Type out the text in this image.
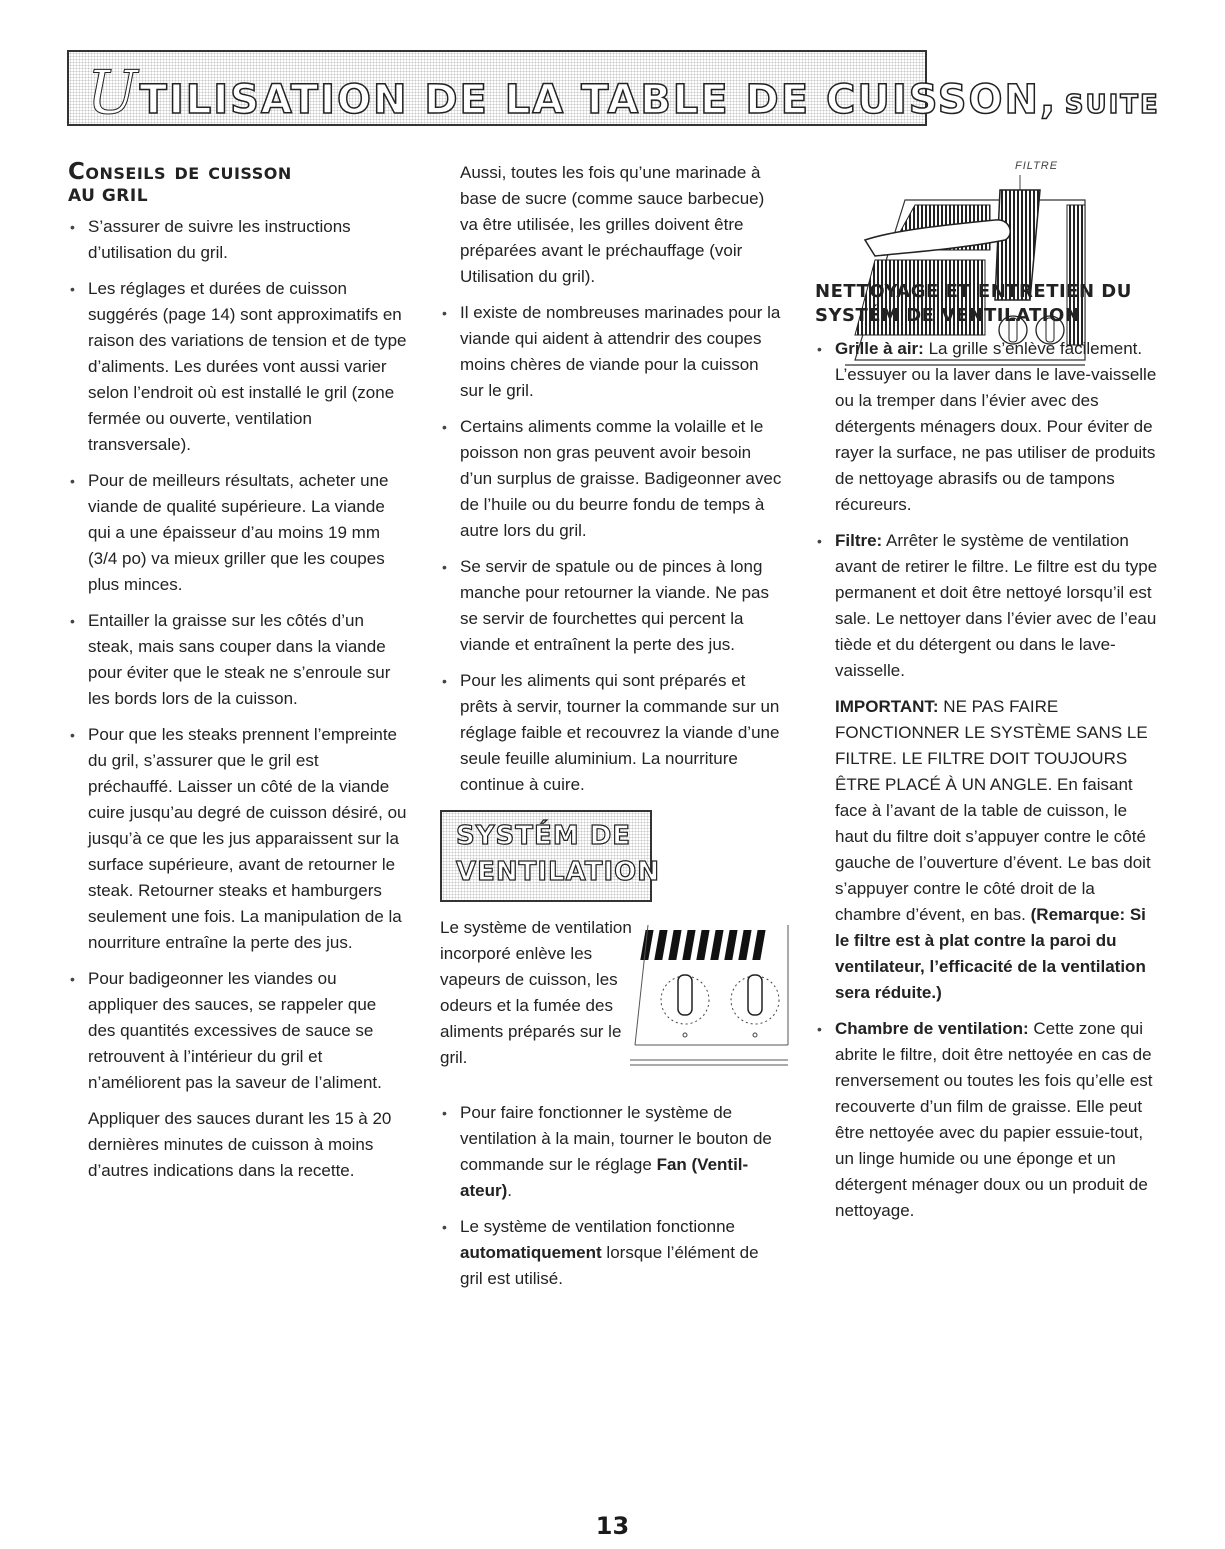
UTILISATION DE LA TABLE DE CUISSON, SUITE
Conseils de cuisson
AU GRIL
• S’assurer de suivre les instructions d’utilisation du gril.
• Les réglages et durées de cuisson suggérés (page 14) sont approximatifs en raison des variations de tension et de type d’aliments. Les durées vont aussi varier selon l’endroit où est installé le gril (zone fermée ou ouverte, ventilation transversale).
• Pour de meilleurs résultats, acheter une viande de qualité supérieure. La viande qui a une épaisseur d’au moins 19 mm (3/4 po) va mieux griller que les coupes plus minces.
• Entailler la graisse sur les côtés d’un steak, mais sans couper dans la viande pour éviter que le steak ne s’enroule sur les bords lors de la cuisson.
• Pour que les steaks prennent l’empreinte du gril, s’assurer que le gril est préchauffé. Laisser un côté de la viande cuire jusqu’au degré de cuisson désiré, ou jusqu’à ce que les jus apparaissent sur la surface supérieure, avant de retourner le steak. Retourner steaks et hamburgers seulement une fois. La manipulation de la nourriture entraîne la perte des jus.
• Pour badigeonner les viandes ou appliquer des sauces, se rappeler que des quantités excessives de sauce se retrouvent à l’intérieur du gril et n’améliorent pas la saveur de l’aliment.

Appliquer des sauces durant les 15 à 20 dernières minutes de cuisson à moins d’autres indications dans la recette.

Aussi, toutes les fois qu’une marinade à base de sucre (comme sauce barbecue) va être utilisée, les grilles doivent être préparées avant le préchauffage (voir Utilisation du gril).

• Il existe de nombreuses marinades pour la viande qui aident à attendrir des coupes moins chères de viande pour la cuisson sur le gril.
• Certains aliments comme la volaille et le poisson non gras peuvent avoir besoin d’un surplus de graisse. Badigeonner avec de l’huile ou du beurre fondu de temps à autre lors du gril.
• Se servir de spatule ou de pinces à long manche pour retourner la viande. Ne pas se servir de fourchettes qui percent la viande et entraînent la perte des jus.
• Pour les aliments qui sont préparés et prêts à servir, tourner la commande sur un réglage faible et recouvrez la viande d’une seule feuille aluminium. La nourriture continue à cuire.
SYSTÉM DE
VENTILATION
Le système de ventilation incorporé enlève les vapeurs de cuisson, les odeurs et la fumée des aliments préparés sur le gril.
• Pour faire fonctionner le système de ventilation à la main, tourner le bouton de commande sur le réglage Fan (Ventil-ateur).
• Le système de ventilation fonctionne automatiquement lorsque l’élément de gril est utilisé.
FILTRE
NETTOYAGE ET ENTRETIEN DU
SYSTÉM DE VENTILATION
• Grille à air: La grille s’enlève facilement. L’essuyer ou la laver dans le lave-vaisselle ou la tremper dans l’évier avec des détergents ménagers doux. Pour éviter de rayer la surface, ne pas utiliser de produits de nettoyage abrasifs ou de tampons récureurs.
• Filtre: Arrêter le système de ventilation avant de retirer le filtre. Le filtre est du type permanent et doit être nettoyé lorsqu’il est sale. Le nettoyer dans l’évier avec de l’eau tiède et du détergent ou dans le lave-vaisselle.

IMPORTANT: NE PAS FAIRE FONCTIONNER LE SYSTÈME SANS LE FILTRE. LE FILTRE DOIT TOUJOURS ÊTRE PLACÉ À UN ANGLE. En faisant face à l’avant de la table de cuisson, le haut du filtre doit s’appuyer contre le côté gauche de l’ouverture d’évent. Le bas doit s’appuyer contre le côté droit de la chambre d’évent, en bas. (Remarque: Si le filtre est à plat contre la paroi du ventilateur, l’efficacité de la ventilation sera réduite.)

• Chambre de ventilation: Cette zone qui abrite le filtre, doit être nettoyée en cas de renversement ou toutes les fois qu’elle est recouverte d’un film de graisse. Elle peut être nettoyée avec du papier essuie-tout, un linge humide ou une éponge et un détergent ménager doux ou un produit de nettoyage.
13
